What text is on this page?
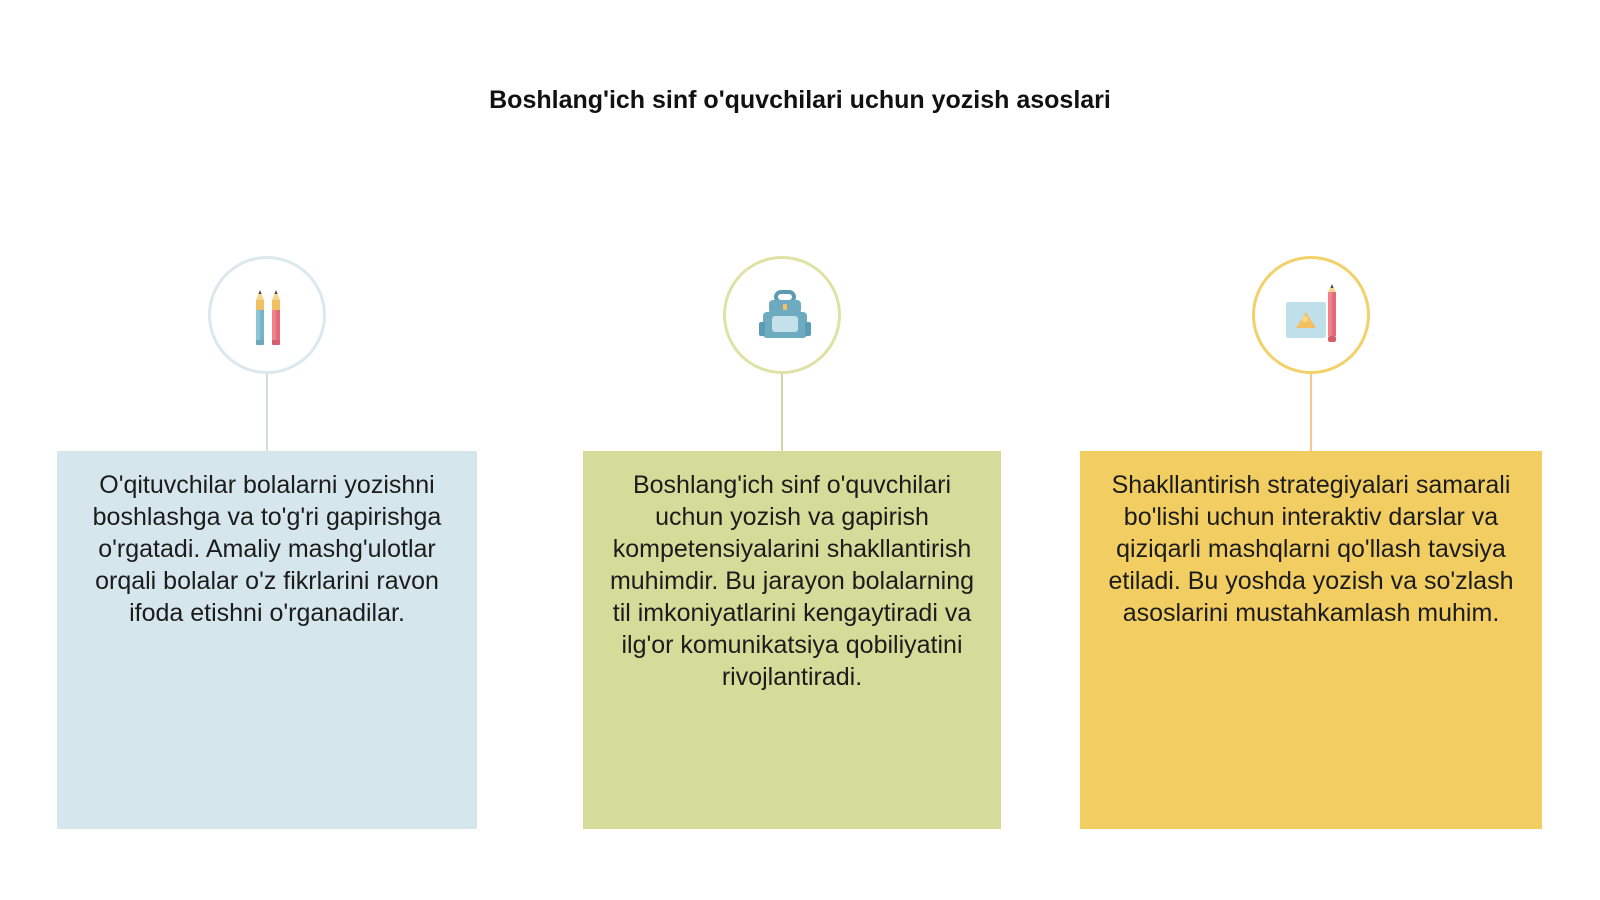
Boshlang'ich sinf o'quvchilari uchun yozish asoslari

O'qituvchilar bolalarni yozishni boshlashga va to'g'ri gapirishga o'rgatadi. Amaliy mashg'ulotlar orqali bolalar o'z fikrlarini ravon ifoda etishni o'rganadilar.

Boshlang'ich sinf o'quvchilari uchun yozish va gapirish kompetensiyalarini shakllantirish muhimdir. Bu jarayon bolalarning til imkoniyatlarini kengaytiradi va ilg'or komunikatsiya qobiliyatini rivojlantiradi.

Shakllantirish strategiyalari samarali bo'lishi uchun interaktiv darslar va qiziqarli mashqlarni qo'llash tavsiya etiladi. Bu yoshda yozish va so'zlash asoslarini mustahkamlash muhim.
